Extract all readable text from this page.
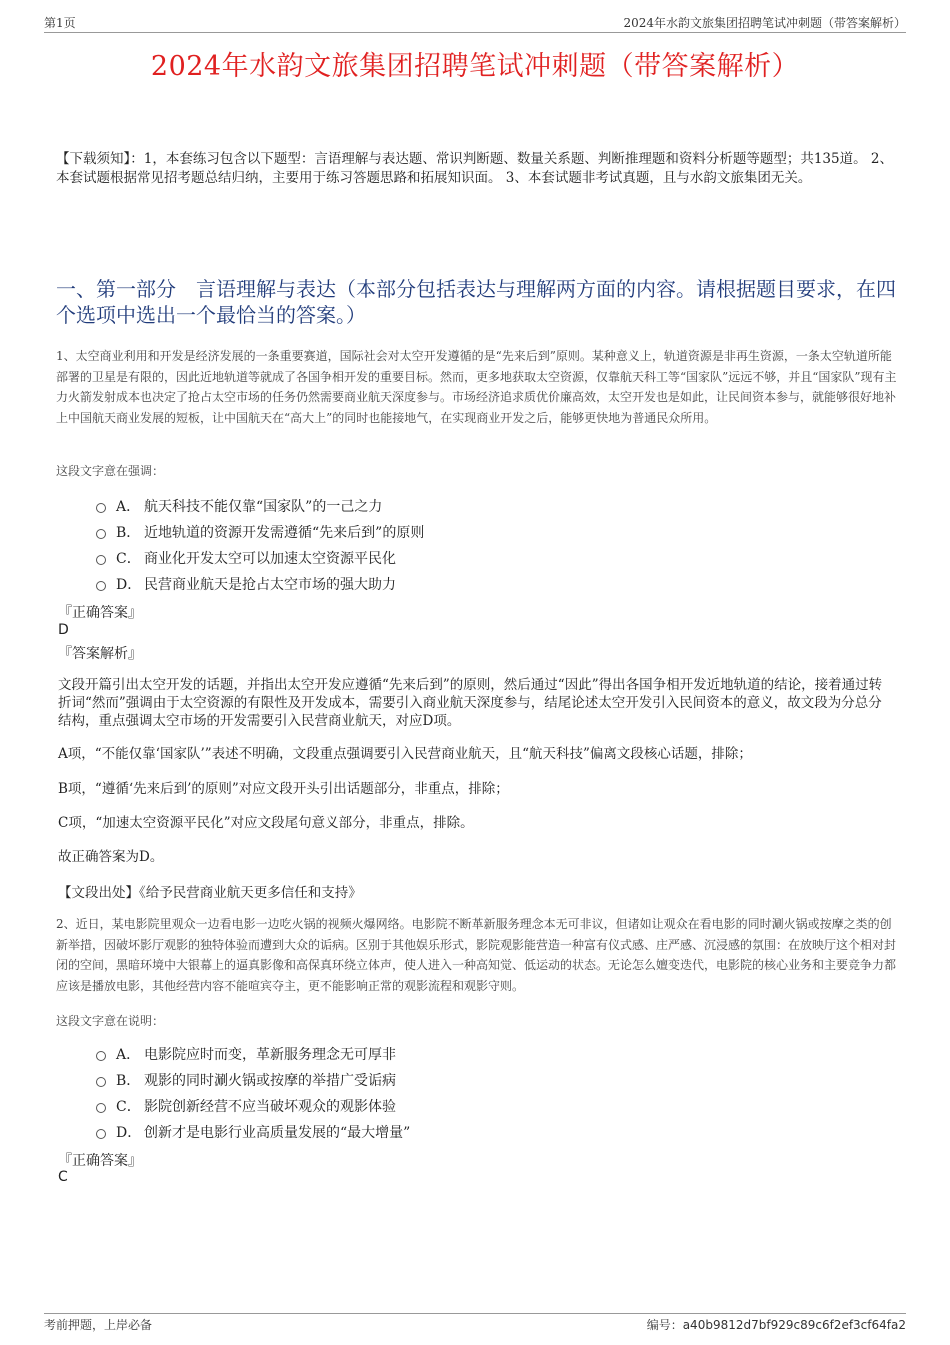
第1页	2024年水韵文旅集团招聘笔试冲刺题（带答案解析）
2024年水韵文旅集团招聘笔试冲刺题（带答案解析）
【下载须知】：1，本套练习包含以下题型：言语理解与表达题、常识判断题、数量关系题、判断推理题和资料分析题等题型；共135道。 2、本套试题根据常见招考题总结归纳，主要用于练习答题思路和拓展知识面。 3、本套试题非考试真题，且与水韵文旅集团无关。
一、第一部分　言语理解与表达（本部分包括表达与理解两方面的内容。请根据题目要求，在四个选项中选出一个最恰当的答案。）
1、太空商业利用和开发是经济发展的一条重要赛道，国际社会对太空开发遵循的是“先来后到”原则。某种意义上，轨道资源是非再生资源，一条太空轨道所能部署的卫星是有限的，因此近地轨道等就成了各国争相开发的重要目标。然而，更多地获取太空资源，仅靠航天科工等“国家队”远远不够，并且“国家队”现有主力火箭发射成本也决定了抢占太空市场的任务仍然需要商业航天深度参与。市场经济追求质优价廉高效，太空开发也是如此，让民间资本参与，就能够很好地补上中国航天商业发展的短板，让中国航天在“高大上”的同时也能接地气，在实现商业开发之后，能够更快地为普通民众所用。
这段文字意在强调：
A． 航天科技不能仅靠“国家队”的一己之力
B． 近地轨道的资源开发需遵循“先来后到”的原则
C． 商业化开发太空可以加速太空资源平民化
D． 民营商业航天是抢占太空市场的强大助力
『正确答案』
D
『答案解析』
文段开篇引出太空开发的话题，并指出太空开发应遵循“先来后到”的原则，然后通过“因此”得出各国争相开发近地轨道的结论，接着通过转折词“然而”强调由于太空资源的有限性及开发成本，需要引入商业航天深度参与，结尾论述太空开发引入民间资本的意义，故文段为分总分结构，重点强调太空市场的开发需要引入民营商业航天，对应D项。
A项，“不能仅靠‘国家队’”表述不明确，文段重点强调要引入民营商业航天，且“航天科技”偏离文段核心话题，排除；
B项，“遵循‘先来后到’的原则”对应文段开头引出话题部分，非重点，排除；
C项，“加速太空资源平民化”对应文段尾句意义部分，非重点，排除。
故正确答案为D。
【文段出处】《给予民营商业航天更多信任和支持》
2、近日，某电影院里观众一边看电影一边吃火锅的视频火爆网络。电影院不断革新服务理念本无可非议，但诸如让观众在看电影的同时涮火锅或按摩之类的创新举措，因破坏影厅观影的独特体验而遭到大众的诟病。区别于其他娱乐形式，影院观影能营造一种富有仪式感、庄严感、沉浸感的氛围：在放映厅这个相对封闭的空间，黑暗环境中大银幕上的逼真影像和高保真环绕立体声，使人进入一种高知觉、低运动的状态。无论怎么嬗变迭代，电影院的核心业务和主要竞争力都应该是播放电影，其他经营内容不能喧宾夺主，更不能影响正常的观影流程和观影守则。
这段文字意在说明：
A． 电影院应时而变，革新服务理念无可厚非
B． 观影的同时涮火锅或按摩的举措广受诟病
C． 影院创新经营不应当破坏观众的观影体验
D． 创新才是电影行业高质量发展的“最大增量”
『正确答案』
C
考前押题，上岸必备	编号：a40b9812d7bf929c89c6f2ef3cf64fa2
